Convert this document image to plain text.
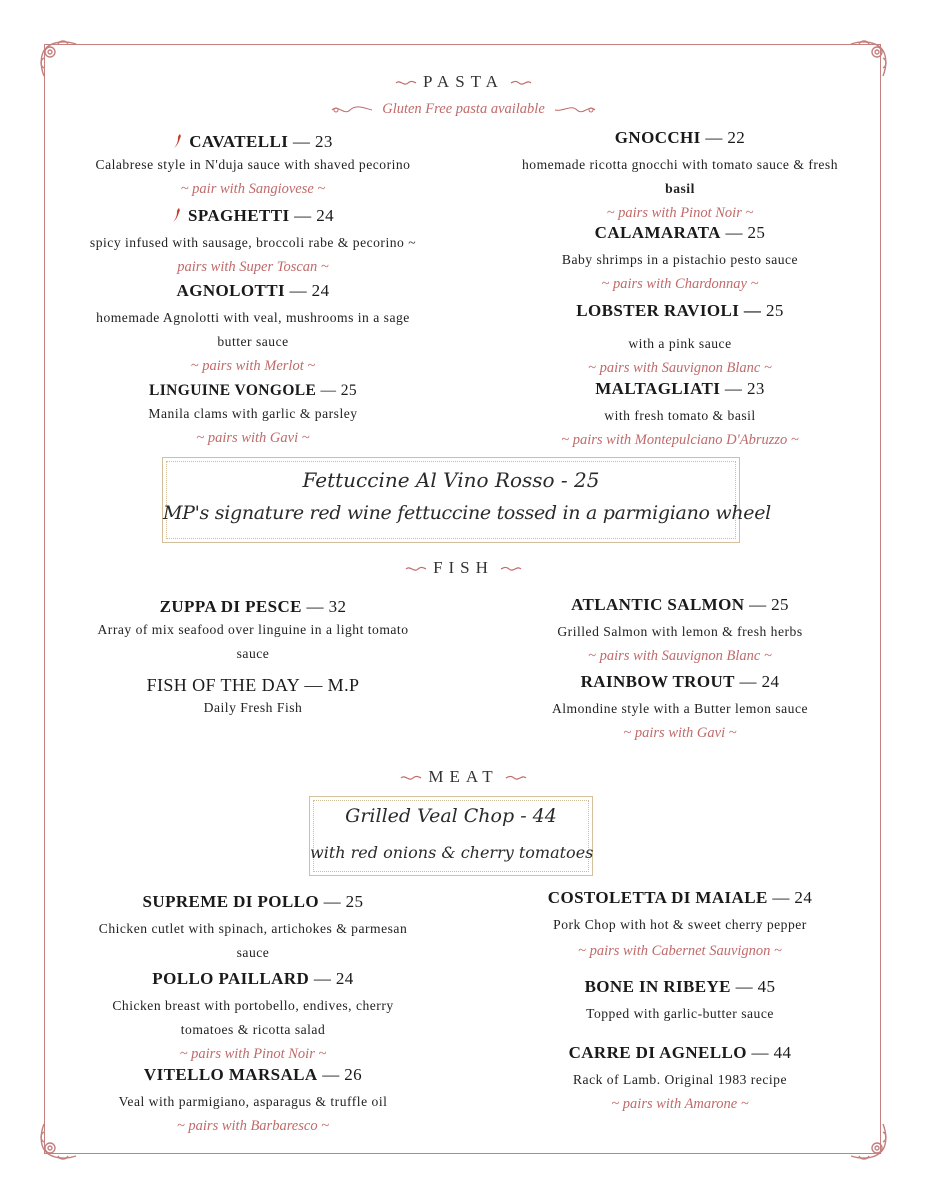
PASTA
Gluten Free pasta available
CAVATELLI — 23
Calabrese style in N'duja sauce with shaved pecorino
~ pair with Sangiovese ~
SPAGHETTI — 24
spicy infused with sausage, broccoli rabe & pecorino ~
pairs with Super Toscan ~
AGNOLOTTI — 24
homemade Agnolotti with veal, mushrooms in a sage
butter sauce
~ pairs with Merlot ~
LINGUINE VONGOLE — 25
Manila clams with garlic & parsley
~ pairs with Gavi ~
GNOCCHI — 22
homemade ricotta gnocchi with tomato sauce & fresh
basil
~ pairs with Pinot Noir ~
CALAMARATA — 25
Baby shrimps in a pistachio pesto sauce
~ pairs with Chardonnay ~
LOBSTER RAVIOLI — 25
with a pink sauce
~ pairs with Sauvignon Blanc ~
MALTAGLIATI — 23
with fresh tomato & basil
~ pairs with Montepulciano D'Abruzzo ~
Fettuccine Al Vino Rosso - 25
MP's signature red wine fettuccine tossed in a parmigiano wheel
FISH
ZUPPA DI PESCE — 32
Array of mix seafood over linguine in a light tomato
sauce
FISH OF THE DAY — M.P
Daily Fresh Fish
ATLANTIC SALMON — 25
Grilled Salmon with lemon & fresh herbs
~ pairs with Sauvignon Blanc ~
RAINBOW TROUT — 24
Almondine style with a Butter lemon sauce
~ pairs with Gavi ~
MEAT
Grilled Veal Chop - 44
with red onions & cherry tomatoes
SUPREME DI POLLO — 25
Chicken cutlet with spinach, artichokes & parmesan
sauce
POLLO PAILLARD — 24
Chicken breast with portobello, endives, cherry
tomatoes & ricotta salad
~ pairs with Pinot Noir ~
VITELLO MARSALA — 26
Veal with parmigiano, asparagus & truffle oil
~ pairs with Barbaresco ~
COSTOLETTA DI MAIALE — 24
Pork Chop with hot & sweet cherry pepper
~ pairs with Cabernet Sauvignon ~
BONE IN RIBEYE — 45
Topped with garlic-butter sauce
CARRE DI AGNELLO — 44
Rack of Lamb. Original 1983 recipe
~ pairs with Amarone ~
